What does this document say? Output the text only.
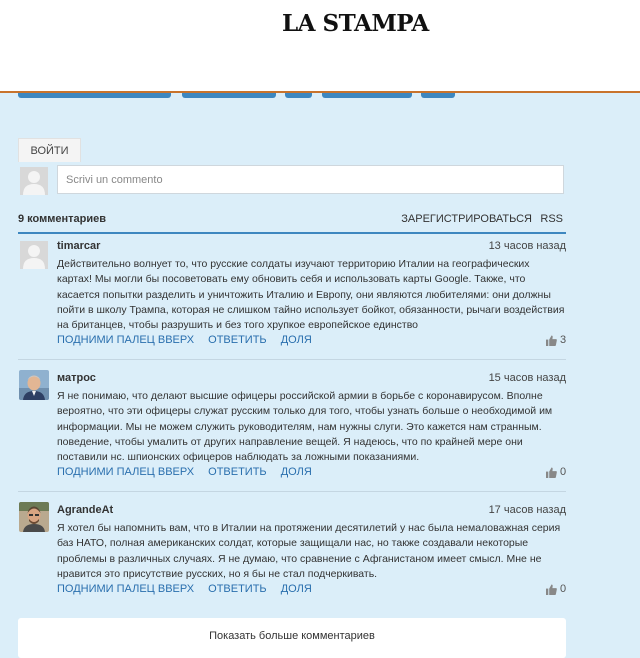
LA STAMPA
ВОЙТИ
Scrivi un commento
9 комментариев	ЗАРЕГИСТРИРОВАТЬСЯ RSS
timarcar	13 часов назад
Действительно волнует то, что русские солдаты изучают территорию Италии на географических картах! Мы могли бы посоветовать ему обновить себя и использовать карты Google. Также, что касается попытки разделить и уничтожить Италию и Европу, они являются любителями: они должны пойти в школу Трампа, которая не слишком тайно использует бойкот, обязанности, рычаги воздействия на британцев, чтобы разрушить и без того хрупкое европейское единство
ПОДНИМИ ПАЛЕЦ ВВЕРХ ОТВЕТИТЬ ДОЛЯ	3
матрос	15 часов назад
Я не понимаю, что делают высшие офицеры российской армии в борьбе с коронавирусом. Вполне вероятно, что эти офицеры служат русским только для того, чтобы узнать больше о необходимой им информации. Мы не можем служить руководителям, нам нужны слуги. Это кажется нам странным. поведение, чтобы умалить от других направление вещей. Я надеюсь, что по крайней мере они поставили нс. шпионских офицеров наблюдать за ложными показаниями.
ПОДНИМИ ПАЛЕЦ ВВЕРХ ОТВЕТИТЬ ДОЛЯ	0
AgrandeAt	17 часов назад
Я хотел бы напомнить вам, что в Италии на протяжении десятилетий у нас была немаловажная серия баз НАТО, полная американских солдат, которые защищали нас, но также создавали некоторые проблемы в различных случаях. Я не думаю, что сравнение с Афганистаном имеет смысл. Мне не нравится это присутствие русских, но я бы не стал подчеркивать.
ПОДНИМИ ПАЛЕЦ ВВЕРХ ОТВЕТИТЬ ДОЛЯ	0
Показать больше комментариев
